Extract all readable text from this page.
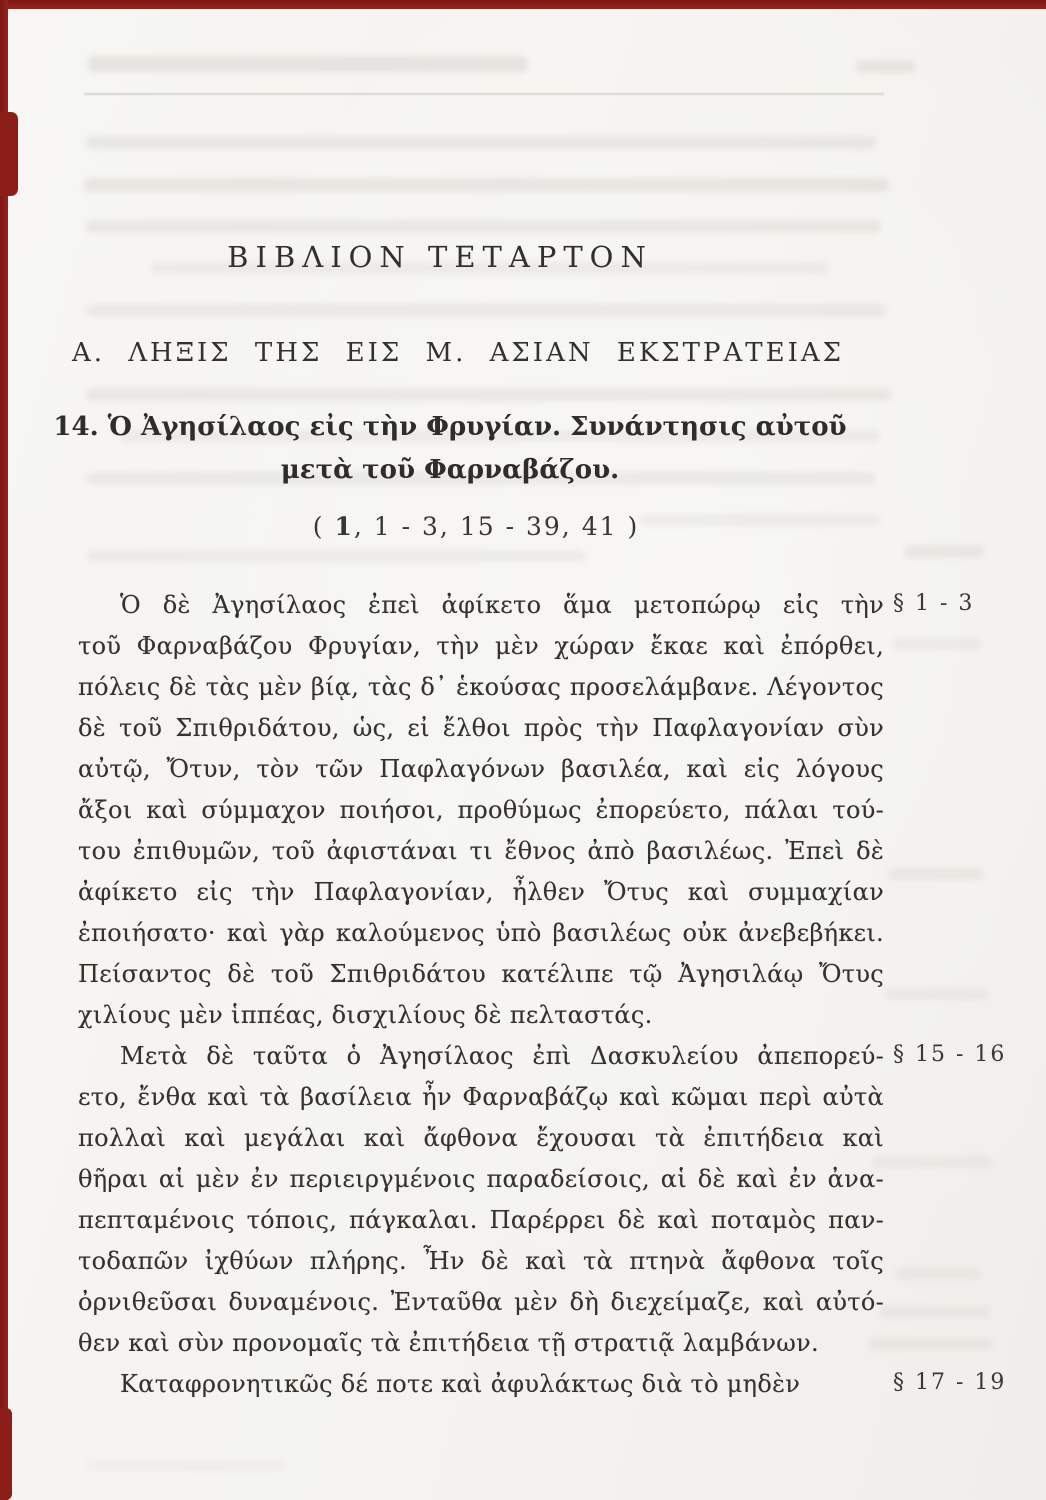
ΒΙΒΛΙΟΝ ΤΕΤΑΡΤΟΝ
Α. ΛΗΞΙΣ ΤΗΣ ΕΙΣ Μ. ΑΣΙΑΝ ΕΚΣΤΡΑΤΕΙΑΣ
14. Ὁ Ἀγησίλαος εἰς τὴν Φρυγίαν. Συνάντησις αὐτοῦ
μετὰ τοῦ Φαρναβάζου.
( 1, 1 - 3, 15 - 39, 41 )
Ὁ δὲ Ἀγησίλαος ἐπεὶ ἀφίκετο ἅμα μετοπώρῳ εἰς τὴν
τοῦ Φαρναβάζου Φρυγίαν, τὴν μὲν χώραν ἔκαε καὶ ἐπόρθει,
πόλεις δὲ τὰς μὲν βίᾳ, τὰς δ᾽ ἑκούσας προσελάμβανε. Λέγοντος
δὲ τοῦ Σπιθριδάτου, ὡς, εἰ ἔλθοι πρὸς τὴν Παφλαγονίαν σὺν
αὐτῷ, Ὄτυν, τὸν τῶν Παφλαγόνων βασιλέα, καὶ εἰς λόγους
ἄξοι καὶ σύμμαχον ποιήσοι, προθύμως ἐπορεύετο, πάλαι τού-
του ἐπιθυμῶν, τοῦ ἀφιστάναι τι ἔθνος ἀπὸ βασιλέως. Ἐπεὶ δὲ
ἀφίκετο εἰς τὴν Παφλαγονίαν, ἦλθεν Ὄτυς καὶ συμμαχίαν
ἐποιήσατο· καὶ γὰρ καλούμενος ὑπὸ βασιλέως οὐκ ἀνεβεβήκει.
Πείσαντος δὲ τοῦ Σπιθριδάτου κατέλιπε τῷ Ἀγησιλάῳ Ὄτυς
χιλίους μὲν ἱππέας, δισχιλίους δὲ πελταστάς.
Μετὰ δὲ ταῦτα ὁ Ἀγησίλαος ἐπὶ Δασκυλείου ἀπεπορεύ-
ετο, ἔνθα καὶ τὰ βασίλεια ἦν Φαρναβάζῳ καὶ κῶμαι περὶ αὐτὰ
πολλαὶ καὶ μεγάλαι καὶ ἄφθονα ἔχουσαι τὰ ἐπιτήδεια καὶ
θῆραι αἱ μὲν ἐν περιειργμένοις παραδείσοις, αἱ δὲ καὶ ἐν ἀνα-
πεπταμένοις τόποις, πάγκαλαι. Παρέρρει δὲ καὶ ποταμὸς παν-
τοδαπῶν ἰχθύων πλήρης. Ἦν δὲ καὶ τὰ πτηνὰ ἄφθονα τοῖς
ὀρνιθεῦσαι δυναμένοις. Ἐνταῦθα μὲν δὴ διεχείμαζε, καὶ αὐτό-
θεν καὶ σὺν προνομαῖς τὰ ἐπιτήδεια τῇ στρατιᾷ λαμβάνων.
Καταφρονητικῶς δέ ποτε καὶ ἀφυλάκτως διὰ τὸ μηδὲν
§ 1 - 3
§ 15 - 16
§ 17 - 19
